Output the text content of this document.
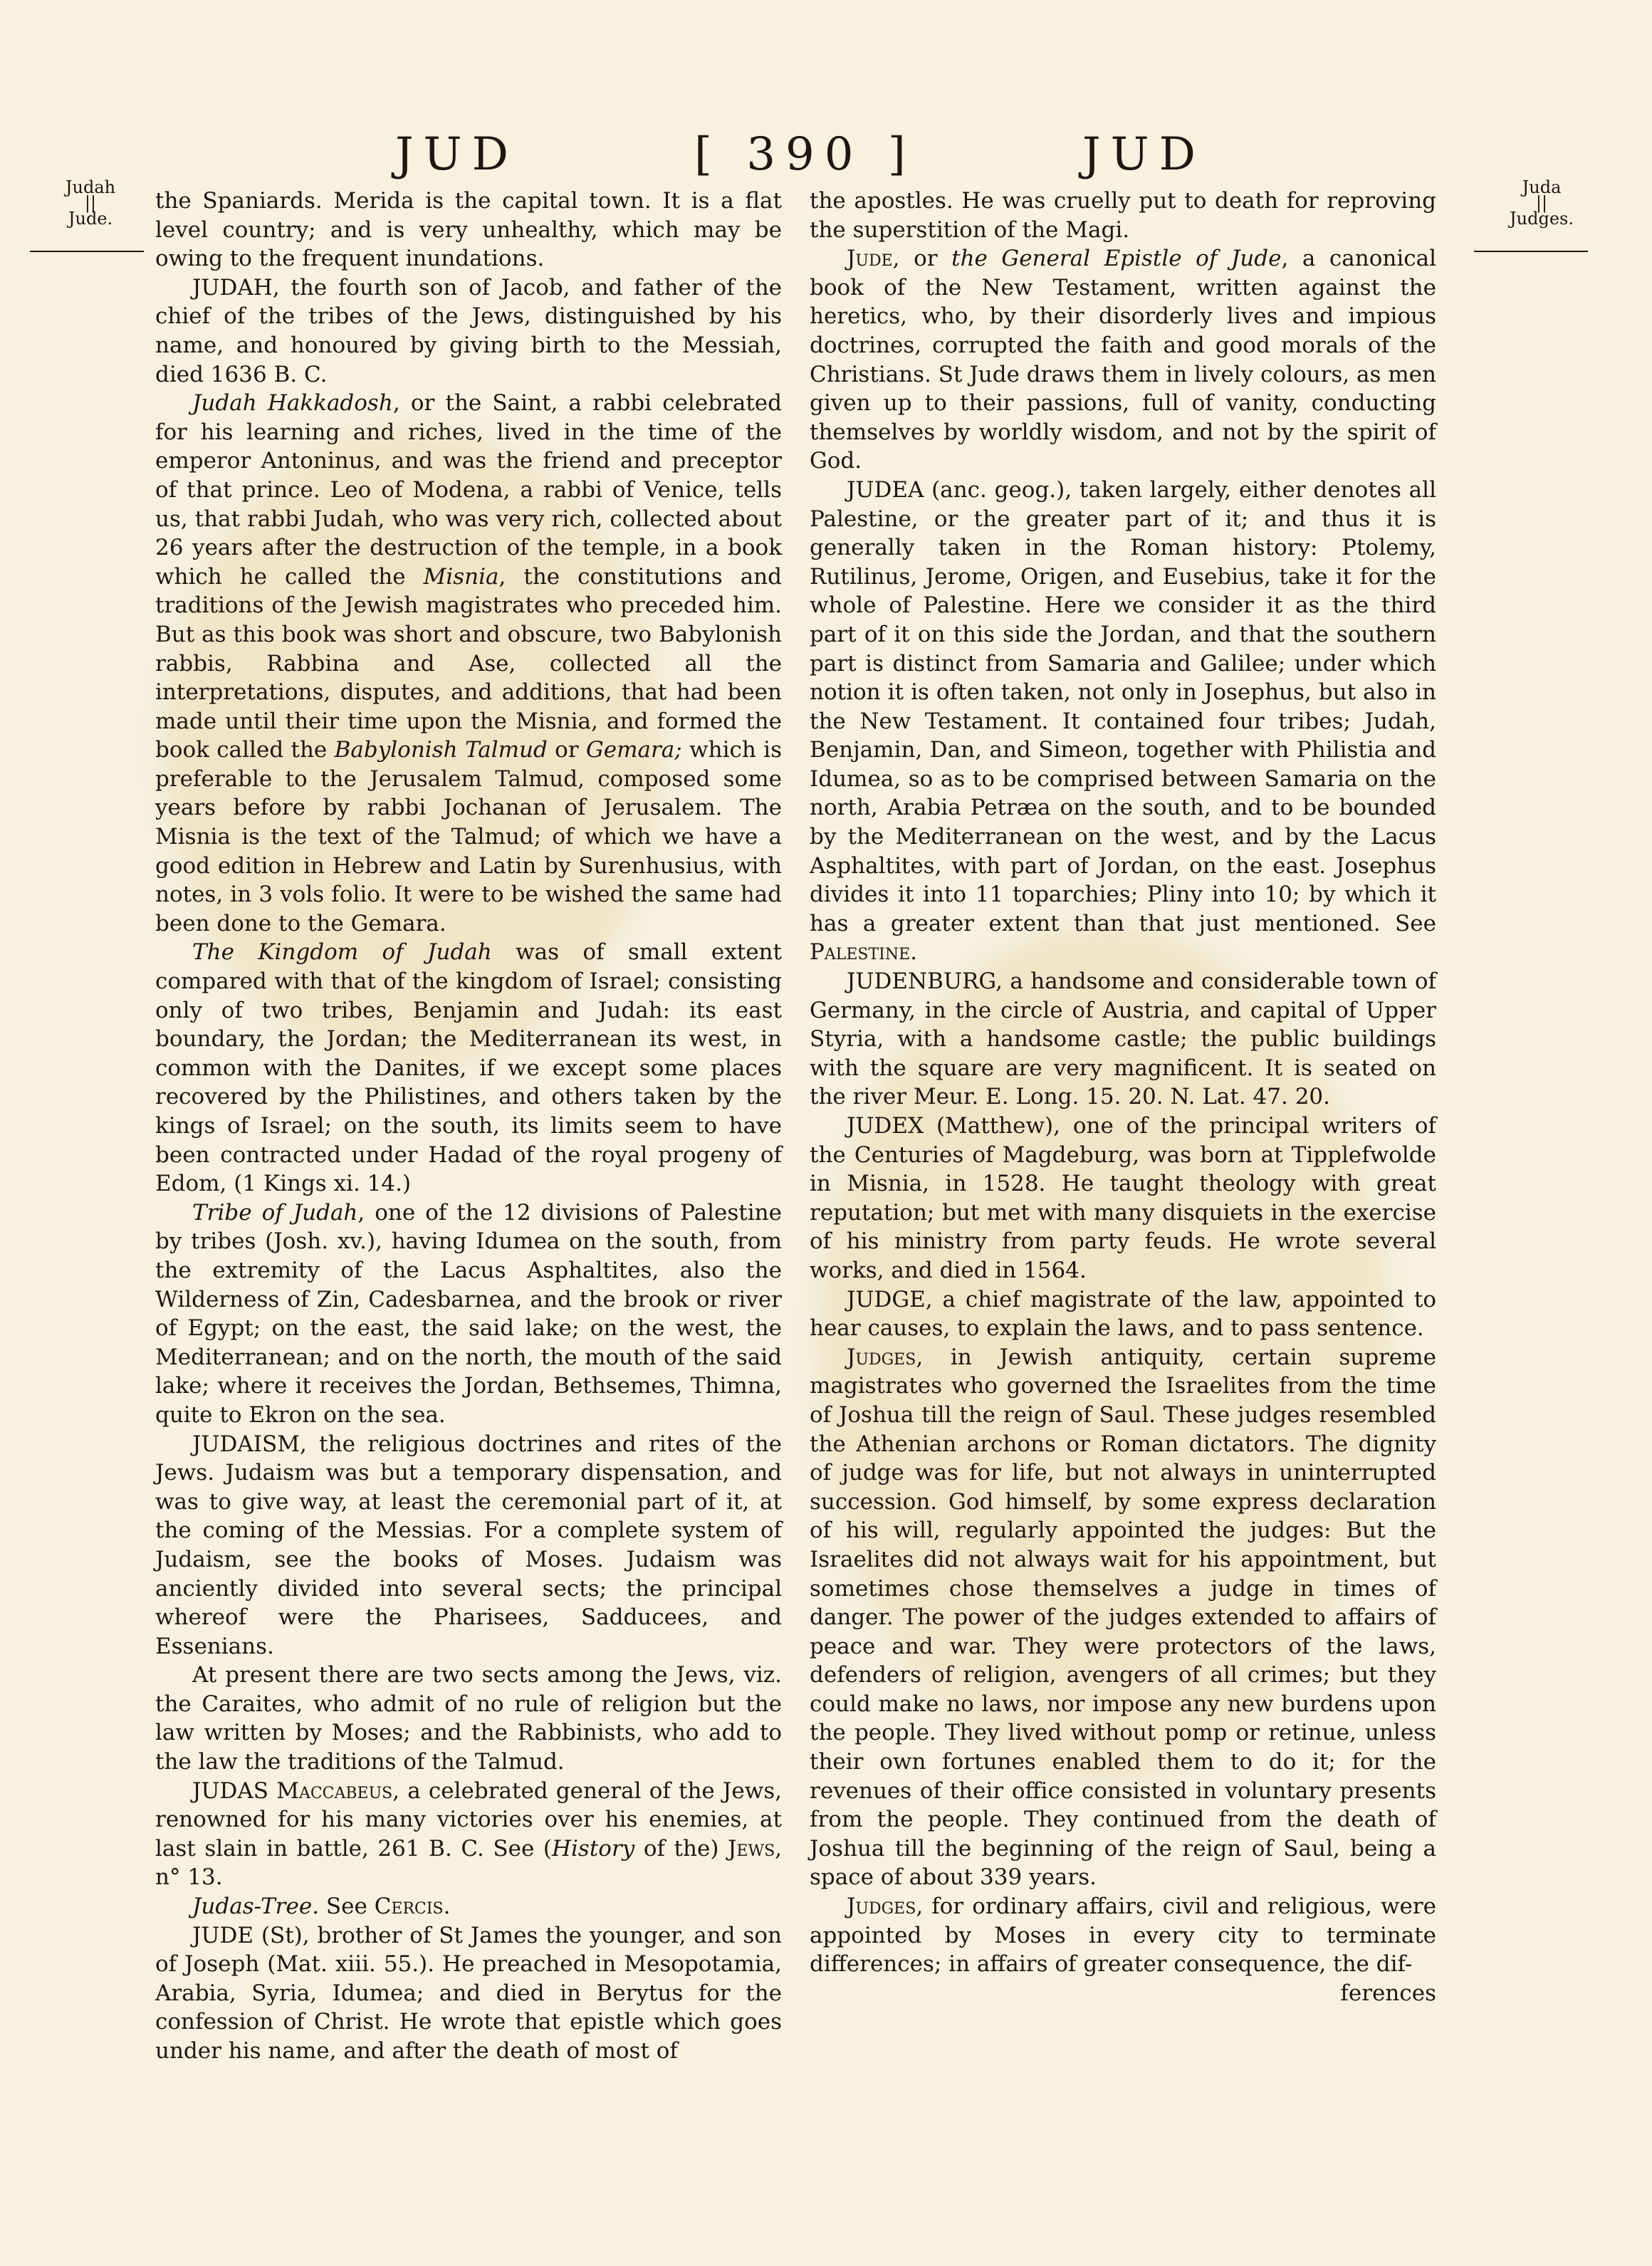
JUD	[ 390 ]	JUD
Judah
||
Jude.
Juda
||
Judges.

the Spaniards. Merida is the capital town. It is a flat level country; and is very unhealthy, which may be owing to the frequent inundations.

JUDAH, the fourth son of Jacob, and father of the chief of the tribes of the Jews, distinguished by his name, and honoured by giving birth to the Messiah, died 1636 B. C.

Judah Hakkadosh, or the Saint, a rabbi celebrated for his learning and riches, lived in the time of the emperor Antoninus, and was the friend and preceptor of that prince. Leo of Modena, a rabbi of Venice, tells us, that rabbi Judah, who was very rich, collected about 26 years after the destruction of the temple, in a book which he called the Misnia, the constitutions and traditions of the Jewish magistrates who preceded him. But as this book was short and obscure, two Babylonish rabbis, Rabbina and Ase, collected all the interpretations, disputes, and additions, that had been made until their time upon the Misnia, and formed the book called the Babylonish Talmud or Gemara; which is preferable to the Jerusalem Talmud, composed some years before by rabbi Jochanan of Jerusalem. The Misnia is the text of the Talmud; of which we have a good edition in Hebrew and Latin by Surenhusius, with notes, in 3 vols folio. It were to be wished the same had been done to the Gemara.

The Kingdom of Judah was of small extent compared with that of the kingdom of Israel; consisting only of two tribes, Benjamin and Judah: its east boundary, the Jordan; the Mediterranean its west, in common with the Danites, if we except some places recovered by the Philistines, and others taken by the kings of Israel; on the south, its limits seem to have been contracted under Hadad of the royal progeny of Edom, (1 Kings xi. 14.)

Tribe of Judah, one of the 12 divisions of Palestine by tribes (Josh. xv.), having Idumea on the south, from the extremity of the Lacus Asphaltites, also the Wilderness of Zin, Cadesbarnea, and the brook or river of Egypt; on the east, the said lake; on the west, the Mediterranean; and on the north, the mouth of the said lake; where it receives the Jordan, Bethsemes, Thimna, quite to Ekron on the sea.

JUDAISM, the religious doctrines and rites of the Jews. Judaism was but a temporary dispensation, and was to give way, at least the ceremonial part of it, at the coming of the Messias. For a complete system of Judaism, see the books of Moses. Judaism was anciently divided into several sects; the principal whereof were the Pharisees, Sadducees, and Essenians.

At present there are two sects among the Jews, viz. the Caraites, who admit of no rule of religion but the law written by Moses; and the Rabbinists, who add to the law the traditions of the Talmud.

JUDAS Maccabeus, a celebrated general of the Jews, renowned for his many victories over his enemies, at last slain in battle, 261 B. C. See (History of the) Jews, n° 13.

Judas-Tree. See Cercis.

JUDE (St), brother of St James the younger, and son of Joseph (Mat. xiii. 55.). He preached in Mesopotamia, Arabia, Syria, Idumea; and died in Berytus for the confession of Christ. He wrote that epistle which goes under his name, and after the death of most of

the apostles. He was cruelly put to death for reproving the superstition of the Magi.

Jude, or the General Epistle of Jude, a canonical book of the New Testament, written against the heretics, who, by their disorderly lives and impious doctrines, corrupted the faith and good morals of the Christians. St Jude draws them in lively colours, as men given up to their passions, full of vanity, conducting themselves by worldly wisdom, and not by the spirit of God.

JUDEA (anc. geog.), taken largely, either denotes all Palestine, or the greater part of it; and thus it is generally taken in the Roman history: Ptolemy, Rutilinus, Jerome, Origen, and Eusebius, take it for the whole of Palestine. Here we consider it as the third part of it on this side the Jordan, and that the southern part is distinct from Samaria and Galilee; under which notion it is often taken, not only in Josephus, but also in the New Testament. It contained four tribes; Judah, Benjamin, Dan, and Simeon, together with Philistia and Idumea, so as to be comprised between Samaria on the north, Arabia Petræa on the south, and to be bounded by the Mediterranean on the west, and by the Lacus Asphaltites, with part of Jordan, on the east. Josephus divides it into 11 toparchies; Pliny into 10; by which it has a greater extent than that just mentioned. See Palestine.

JUDENBURG, a handsome and considerable town of Germany, in the circle of Austria, and capital of Upper Styria, with a handsome castle; the public buildings with the square are very magnificent. It is seated on the river Meur. E. Long. 15. 20. N. Lat. 47. 20.

JUDEX (Matthew), one of the principal writers of the Centuries of Magdeburg, was born at Tipplefwolde in Misnia, in 1528. He taught theology with great reputation; but met with many disquiets in the exercise of his ministry from party feuds. He wrote several works, and died in 1564.

JUDGE, a chief magistrate of the law, appointed to hear causes, to explain the laws, and to pass sentence.

Judges, in Jewish antiquity, certain supreme magistrates who governed the Israelites from the time of Joshua till the reign of Saul. These judges resembled the Athenian archons or Roman dictators. The dignity of judge was for life, but not always in uninterrupted succession. God himself, by some express declaration of his will, regularly appointed the judges: But the Israelites did not always wait for his appointment, but sometimes chose themselves a judge in times of danger. The power of the judges extended to affairs of peace and war. They were protectors of the laws, defenders of religion, avengers of all crimes; but they could make no laws, nor impose any new burdens upon the people. They lived without pomp or retinue, unless their own fortunes enabled them to do it; for the revenues of their office consisted in voluntary presents from the people. They continued from the death of Joshua till the beginning of the reign of Saul, being a space of about 339 years.

Judges, for ordinary affairs, civil and religious, were appointed by Moses in every city to terminate differences; in affairs of greater consequence, the dif-

ferences
